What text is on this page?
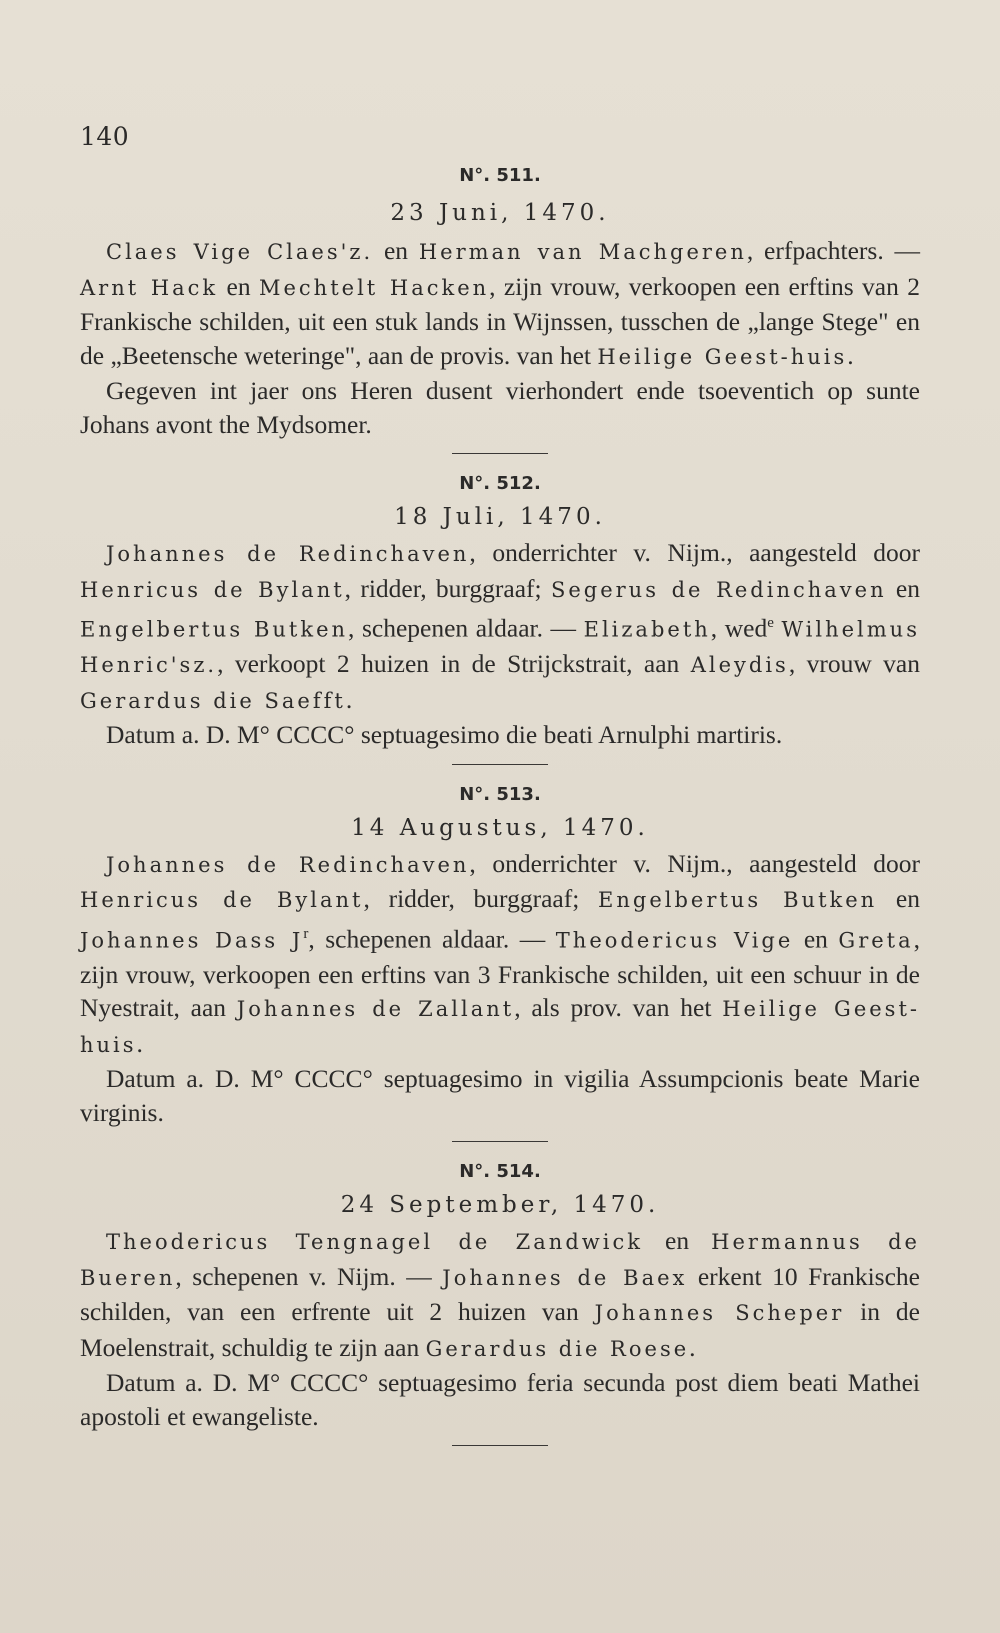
140
N°. 511.
23 Juni, 1470.

Claes Vige Claes'z. en Herman van Machgeren, erfpachters. — Arnt Hack en Mechtelt Hacken, zijn vrouw, verkoopen een erftins van 2 Frankische schilden, uit een stuk lands in Wijnssen, tusschen de „lange Stege" en de „Beetensche weteringe", aan de provis. van het Heilige Geest-huis.

Gegeven int jaer ons Heren dusent vierhondert ende tsoeventich op sunte Johans avont the Mydsomer.

N°. 512.
18 Juli, 1470.

Johannes de Redinchaven, onderrichter v. Nijm., aangesteld door Henricus de Bylant, ridder, burggraaf; Segerus de Redinchaven en Engelbertus Butken, schepenen aldaar. — Elizabeth, wed$^e$ Wilhelmus Henric'sz., verkoopt 2 huizen in de Strijckstrait, aan Aleydis, vrouw van Gerardus die Saefft.

Datum a. D. M° CCCC° septuagesimo die beati Arnulphi martiris.

N°. 513.
14 Augustus, 1470.

Johannes de Redinchaven, onderrichter v. Nijm., aangesteld door Henricus de Bylant, ridder, burggraaf; Engelbertus Butken en Johannes Dass $J^r$, schepenen aldaar. — Theodericus Vige en Greta, zijn vrouw, verkoopen een erftins van 3 Frankische schilden, uit een schuur in de Nyestrait, aan Johannes de Zallant, als prov. van het Heilige Geest-huis.

Datum a. D. M° CCCC° septuagesimo in vigilia Assumpcionis beate Marie virginis.

N°. 514.
24 September, 1470.

Theodericus Tengnagel de Zandwick en Hermannus de Bueren, schepenen v. Nijm. — Johannes de Baex erkent 10 Frankische schilden, van een erfrente uit 2 huizen van Johannes Scheper in de Moelenstrait, schuldig te zijn aan Gerardus die Roese.

Datum a. D. M° CCCC° septuagesimo feria secunda post diem beati Mathei apostoli et ewangeliste.
